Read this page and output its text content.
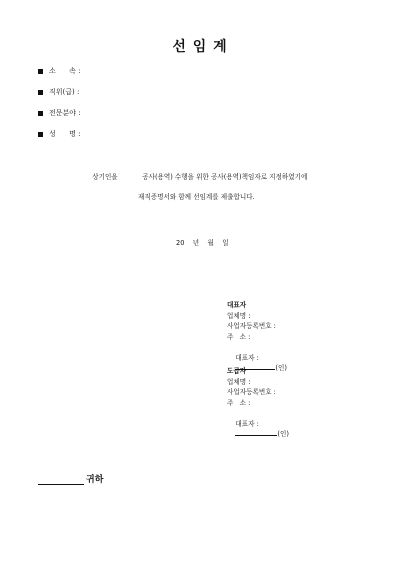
선 임 계
소      속 :
직위(급) :
전문분야 :
성      명 :

상기인을	공사(용역) 수행을 위한 공사(용역)책임자로 지정하였기에

재직증명서와 함께 선임계를 제출합니다.

20    년    월    일
대표자
업체명 :
사업자등록번호 :
주   소 :

대표자 :
(인)

도급자
업체명 :
사업자등록번호 :
주   소 :

대표자 :
(인)

귀하
